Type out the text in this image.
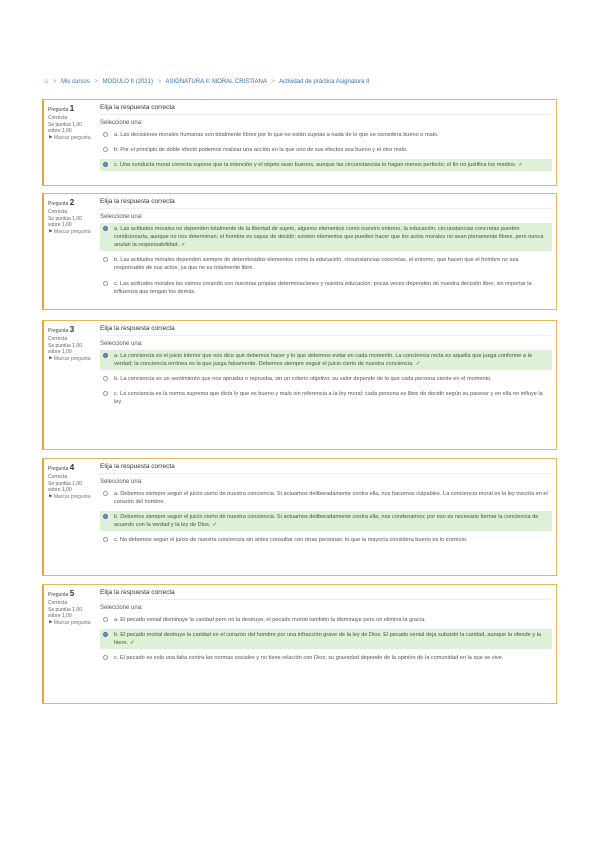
⌂ > Mis cursos > MODULO II (2021) > ASIGNATURA II: MORAL CRISTIANA > Actividad de práctica Asignatura II
Pregunta 1
Correcta
Se puntúa 1,00 sobre 1,00
⚑ Marcar pregunta
Elija la respuesta correcta
Seleccione una:
a. Las decisiones morales humanas son totalmente libres por lo que no están sujetas a nada de lo que se considera bueno o malo.
b. Por el principio de doble efecto podemos realizar una acción en la que uno de sus efectos sea bueno y el otro malo.
c. Una conducta moral correcta supone que la intención y el objeto sean buenos, aunque las circunstancias lo hagan menos perfecto; el fin no justifica los medios. ✓
Pregunta 2
Correcta
Se puntúa 1,00 sobre 1,00
⚑ Marcar pregunta
Elija la respuesta correcta
Seleccione una:
a. Las actitudes morales no dependen totalmente de la libertad de sujeto, algunos elementos como nuestro entorno, la educación, circunstancias concretas pueden condicionarla, aunque no nos determinan; el hombre es capaz de decidir; existen elementos que pueden hacer que los actos morales no sean plenamente libres, pero nunca anulan la responsabilidad. ✓
b. Las actitudes morales dependen siempre de determinados elementos como la educación, circunstancias concretas, el entorno, que hacen que el hombre no sea responsable de sus actos, ya que no es totalmente libre.
c. Las actitudes morales las vamos creando con nuestras propias determinaciones y nuestra educación; pocas veces dependen de nuestra decisión libre, sin importar la influencia que tengan los demás.
Pregunta 3
Correcta
Se puntúa 1,00 sobre 1,00
⚑ Marcar pregunta
Elija la respuesta correcta
Seleccione una:
a. La conciencia es el juicio interior que nos dice qué debemos hacer y lo que debemos evitar en cada momento. La conciencia recta es aquella que juzga conforme a la verdad; la conciencia errónea es la que juzga falsamente. Debemos siempre seguir el juicio cierto de nuestra conciencia. ✓
b. La conciencia es un sentimiento que nos aprueba o reprueba, sin un criterio objetivo; su valor depende de lo que cada persona siente en el momento.
c. La conciencia es la norma suprema que dicta lo que es bueno y malo sin referencia a la ley moral; cada persona es libre de decidir según su parecer y en ella no influye la ley.
Pregunta 4
Correcta
Se puntúa 1,00 sobre 1,00
⚑ Marcar pregunta
Elija la respuesta correcta
Seleccione una:
a. Debemos siempre seguir el juicio cierto de nuestra conciencia. Si actuamos deliberadamente contra ella, nos hacemos culpables. La conciencia moral es la ley inscrita en el corazón del hombre.
b. Debemos siempre seguir el juicio cierto de nuestra conciencia. Si actuamos deliberadamente contra ella, nos condenamos; por eso es necesario formar la conciencia de acuerdo con la verdad y la ley de Dios. ✓
c. No debemos seguir el juicio de nuestra conciencia sin antes consultar con otras personas; lo que la mayoría considera bueno es lo correcto.
Pregunta 5
Correcta
Se puntúa 1,00 sobre 1,00
⚑ Marcar pregunta
Elija la respuesta correcta
Seleccione una:
a. El pecado venial disminuye la caridad pero no la destruye; el pecado mortal también la disminuye pero no elimina la gracia.
b. El pecado mortal destruye la caridad en el corazón del hombre por una infracción grave de la ley de Dios. El pecado venial deja subsistir la caridad, aunque la ofende y la hiere. ✓
c. El pecado es solo una falta contra las normas sociales y no tiene relación con Dios; su gravedad depende de la opinión de la comunidad en la que se vive.
